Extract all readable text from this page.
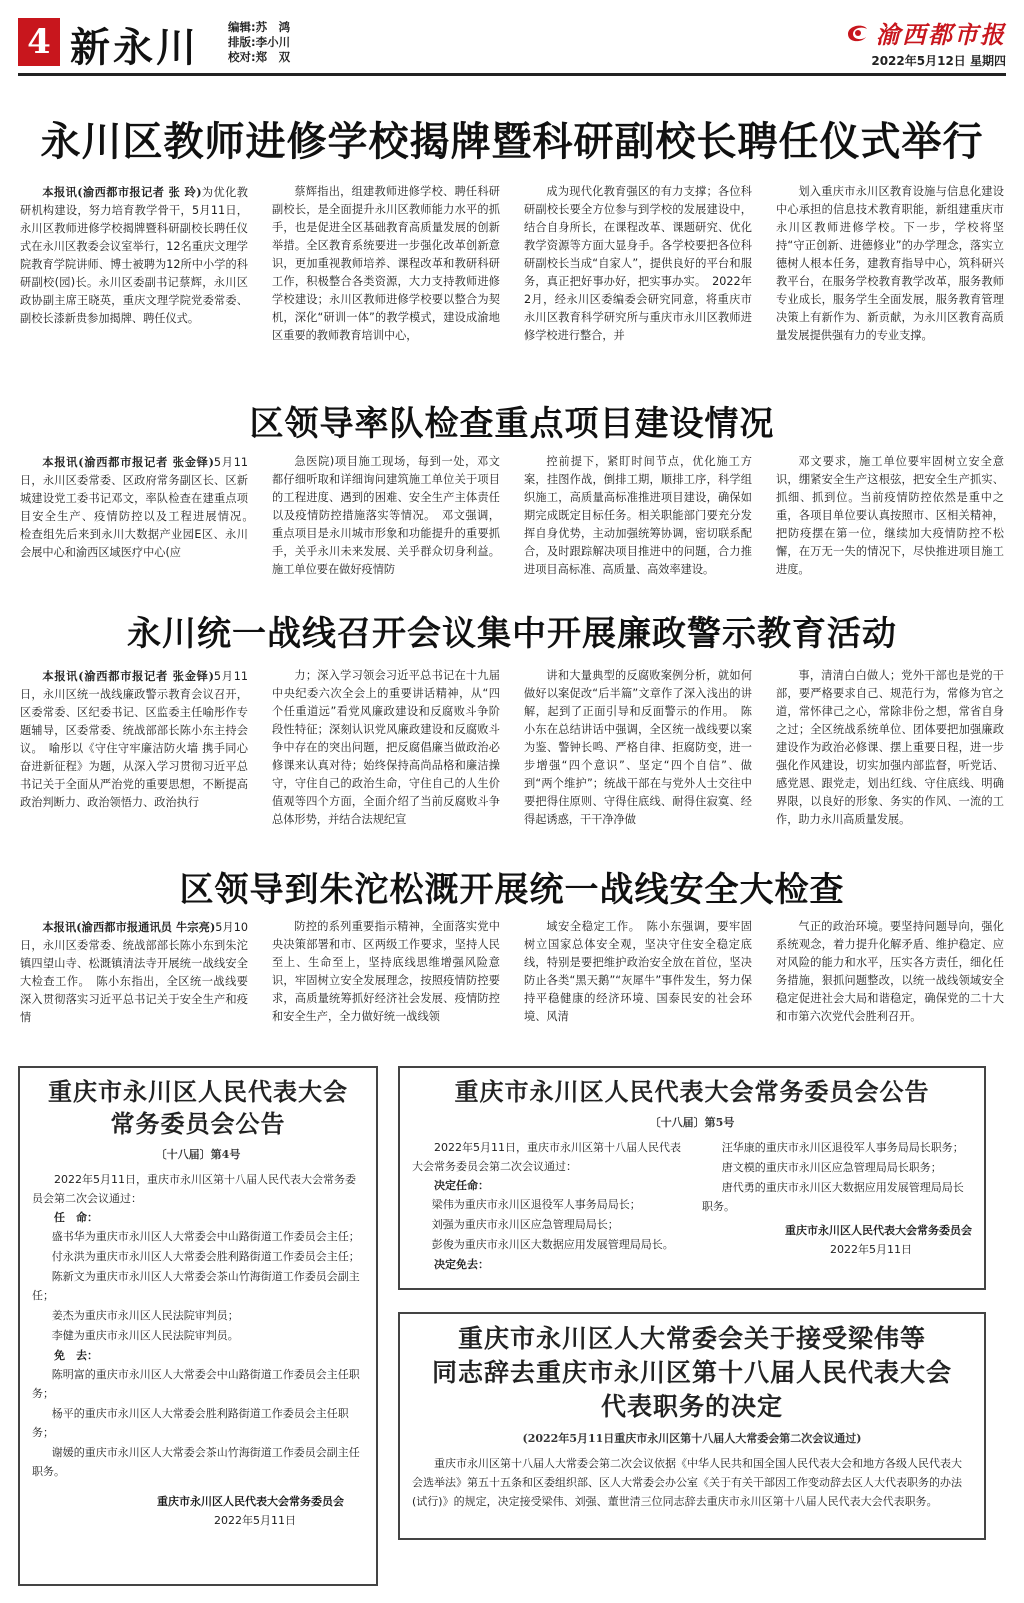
4 新永川	编辑:苏　鸿
排版:李小川
校对:郑　双
渝西都市报
2022年5月12日 星期四
永川区教师进修学校揭牌暨科研副校长聘任仪式举行

本报讯(渝西都市报记者 张 玲)为优化教研机构建设，努力培育教学骨干，5月11日，永川区教师进修学校揭牌暨科研副校长聘任仪式在永川区教委会议室举行，12名重庆文理学院教育学院讲师、博士被聘为12所中小学的科研副校(园)长。永川区委副书记蔡辉，永川区政协副主席王晓英，重庆文理学院党委常委、副校长漆新贵参加揭牌、聘任仪式。

蔡辉指出，组建教师进修学校、聘任科研副校长，是全面提升永川区教师能力水平的抓手，也是促进全区基础教育高质量发展的创新举措。全区教育系统要进一步强化改革创新意识，更加重视教师培养、课程改革和教研科研工作，积极整合各类资源，大力支持教师进修学校建设；永川区教师进修学校要以整合为契机，深化“研训一体”的教学模式，建设成渝地区重要的教师教育培训中心，

成为现代化教育强区的有力支撑；各位科研副校长要全方位参与到学校的发展建设中，结合自身所长，在课程改革、课题研究、优化教学资源等方面大显身手。各学校要把各位科研副校长当成“自家人”，提供良好的平台和服务，真正把好事办好，把实事办实。　2022年2月，经永川区委编委会研究同意，将重庆市永川区教育科学研究所与重庆市永川区教师进修学校进行整合，并

划入重庆市永川区教育设施与信息化建设中心承担的信息技术教育职能，新组建重庆市永川区教师进修学校。下一步，学校将坚持“守正创新、进德修业”的办学理念，落实立德树人根本任务，建教育指导中心，筑科研兴教平台，在服务学校教育教学改革，服务教师专业成长，服务学生全面发展，服务教育管理决策上有新作为、新贡献，为永川区教育高质量发展提供强有力的专业支撑。

区领导率队检查重点项目建设情况

本报讯(渝西都市报记者 张金铎)5月11日，永川区委常委、区政府常务副区长、区新城建设党工委书记邓文，率队检查在建重点项目安全生产、疫情防控以及工程进展情况。　检查组先后来到永川大数据产业园E区、永川会展中心和渝西区域医疗中心(应

急医院)项目施工现场，每到一处，邓文都仔细听取和详细询问建筑施工单位关于项目的工程进度、遇到的困难、安全生产主体责任以及疫情防控措施落实等情况。　邓文强调，重点项目是永川城市形象和功能提升的重要抓手，关乎永川未来发展、关乎群众切身利益。施工单位要在做好疫情防

控前提下，紧盯时间节点，优化施工方案，挂图作战，倒排工期，顺排工序，科学组织施工，高质量高标准推进项目建设，确保如期完成既定目标任务。相关职能部门要充分发挥自身优势，主动加强统筹协调，密切联系配合，及时跟踪解决项目推进中的问题，合力推进项目高标准、高质量、高效率建设。

邓文要求，施工单位要牢固树立安全意识，绷紧安全生产这根弦，把安全生产抓实、抓细、抓到位。当前疫情防控依然是重中之重，各项目单位要认真按照市、区相关精神，把防疫摆在第一位，继续加大疫情防控不松懈，在万无一失的情况下，尽快推进项目施工进度。

永川统一战线召开会议集中开展廉政警示教育活动

本报讯(渝西都市报记者 张金铎)5月11日，永川区统一战线廉政警示教育会议召开，区委常委、区纪委书记、区监委主任喻彤作专题辅导，区委常委、统战部部长陈小东主持会议。　喻彤以《守住守牢廉洁防火墙 携手同心奋进新征程》为题，从深入学习贯彻习近平总书记关于全面从严治党的重要思想，不断提高政治判断力、政治领悟力、政治执行

力；深入学习领会习近平总书记在十九届中央纪委六次全会上的重要讲话精神，从“四个任重道远”看党风廉政建设和反腐败斗争阶段性特征；深刻认识党风廉政建设和反腐败斗争中存在的突出问题，把反腐倡廉当做政治必修课来认真对待；始终保持高尚品格和廉洁操守，守住自己的政治生命，守住自己的人生价值观等四个方面，全面介绍了当前反腐败斗争总体形势，并结合法规纪宣

讲和大量典型的反腐败案例分析，就如何做好以案促改“后半篇”文章作了深入浅出的讲解，起到了正面引导和反面警示的作用。　陈小东在总结讲话中强调，全区统一战线要以案为鉴、警钟长鸣、严格自律、拒腐防变，进一步增强“四个意识”、坚定“四个自信”、做到“两个维护”；统战干部在与党外人士交往中要把得住原则、守得住底线、耐得住寂寞、经得起诱惑，干干净净做

事，清清白白做人；党外干部也是党的干部，要严格要求自己、规范行为，常修为官之道，常怀律己之心，常除非份之想，常省自身之过；全区统战系统单位、团体要把加强廉政建设作为政治必修课、摆上重要日程，进一步强化作风建设，切实加强内部监督，听党话、感党恩、跟党走，划出红线、守住底线、明确界限，以良好的形象、务实的作风、一流的工作，助力永川高质量发展。

区领导到朱沱松溉开展统一战线安全大检查

本报讯(渝西都市报通讯员 牛宗亮)5月10日，永川区委常委、统战部部长陈小东到朱沱镇四望山寺、松溉镇清法寺开展统一战线安全大检查工作。　陈小东指出，全区统一战线要深入贯彻落实习近平总书记关于安全生产和疫情

防控的系列重要指示精神，全面落实党中央决策部署和市、区两级工作要求，坚持人民至上、生命至上，坚持底线思维增强风险意识，牢固树立安全发展理念，按照疫情防控要求，高质量统筹抓好经济社会发展、疫情防控和安全生产，全力做好统一战线领

域安全稳定工作。　陈小东强调，要牢固树立国家总体安全观，坚决守住安全稳定底线，特别是要把维护政治安全放在首位，坚决防止各类“黑天鹅”“灰犀牛”事件发生，努力保持平稳健康的经济环境、国泰民安的社会环境、风清

气正的政治环境。要坚持问题导向，强化系统观念，着力提升化解矛盾、维护稳定、应对风险的能力和水平，压实各方责任，细化任务措施，狠抓问题整改，以统一战线领域安全稳定促进社会大局和谐稳定，确保党的二十大和市第六次党代会胜利召开。

重庆市永川区人民代表大会
常务委员会公告
〔十八届〕第4号
2022年5月11日，重庆市永川区第十八届人民代表大会常务委员会第二次会议通过：
任　命：
盛书华为重庆市永川区人大常委会中山路街道工作委员会主任；
付永洪为重庆市永川区人大常委会胜利路街道工作委员会主任；
陈新文为重庆市永川区人大常委会茶山竹海街道工作委员会副主任；
姜杰为重庆市永川区人民法院审判员；
李健为重庆市永川区人民法院审判员。
免　去：
陈明富的重庆市永川区人大常委会中山路街道工作委员会主任职务；
杨平的重庆市永川区人大常委会胜利路街道工作委员会主任职务；
谢媛的重庆市永川区人大常委会茶山竹海街道工作委员会副主任职务。
重庆市永川区人民代表大会常务委员会
2022年5月11日
重庆市永川区人民代表大会常务委员会公告
〔十八届〕第5号
2022年5月11日，重庆市永川区第十八届人民代表大会常务委员会第二次会议通过：
决定任命：
梁伟为重庆市永川区退役军人事务局局长；
刘强为重庆市永川区应急管理局局长；
彭俊为重庆市永川区大数据应用发展管理局局长。
决定免去：
汪华康的重庆市永川区退役军人事务局局长职务；
唐文模的重庆市永川区应急管理局局长职务；
唐代勇的重庆市永川区大数据应用发展管理局局长职务。
重庆市永川区人民代表大会常务委员会
2022年5月11日
重庆市永川区人大常委会关于接受梁伟等
同志辞去重庆市永川区第十八届人民代表大会
代表职务的决定
(2022年5月11日重庆市永川区第十八届人大常委会第二次会议通过)
重庆市永川区第十八届人大常委会第二次会议依据《中华人民共和国全国人民代表大会和地方各级人民代表大会选举法》第五十五条和区委组织部、区人大常委会办公室《关于有关干部因工作变动辞去区人大代表职务的办法(试行)》的规定，决定接受梁伟、刘强、董世清三位同志辞去重庆市永川区第十八届人民代表大会代表职务。
